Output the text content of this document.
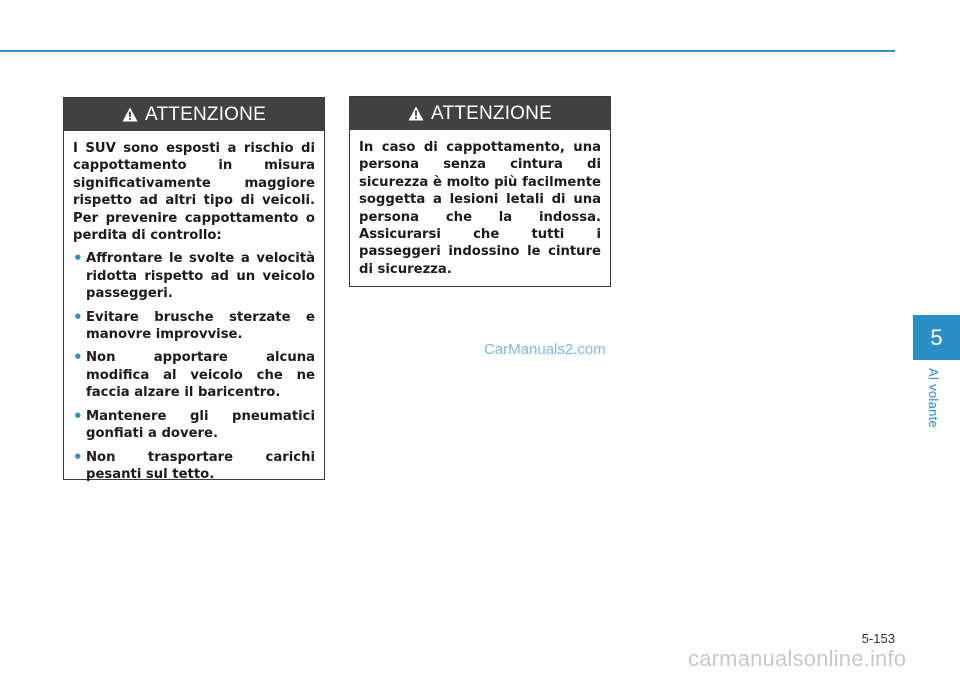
ATTENZIONE

I SUV sono esposti a rischio di cappottamento in misura significativamente maggiore rispetto ad altri tipo di veicoli. Per prevenire cappottamento o perdita di controllo:

• Affrontare le svolte a velocità ridotta rispetto ad un veicolo passeggeri.
• Evitare brusche sterzate e manovre improvvise.
• Non apportare alcuna modifica al veicolo che ne faccia alzare il baricentro.
• Mantenere gli pneumatici gonfiati a dovere.
• Non trasportare carichi pesanti sul tetto.
ATTENZIONE

In caso di cappottamento, una persona senza cintura di sicurezza è molto più facilmente soggetta a lesioni letali di una persona che la indossa. Assicurarsi che tutti i passeggeri indossino le cinture di sicurezza.

CarManuals2.com	5
Al volante
5-153
carmanualsonline.info
